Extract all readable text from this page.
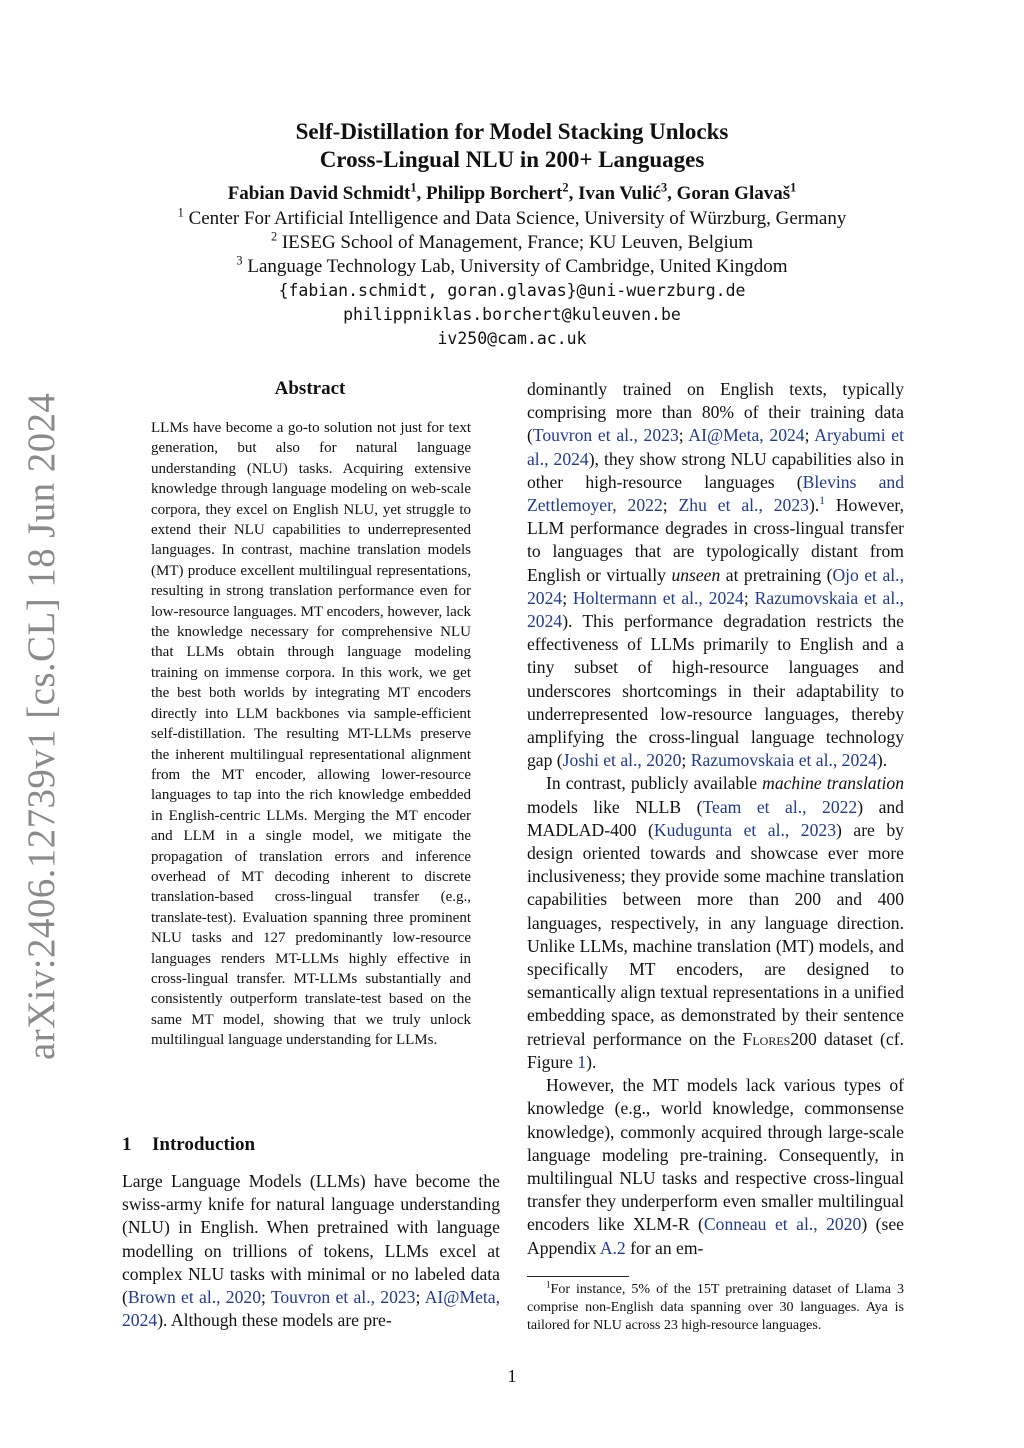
arXiv:2406.12739v1 [cs.CL] 18 Jun 2024
Self-Distillation for Model Stacking Unlocks
Cross-Lingual NLU in 200+ Languages
Fabian David Schmidt$^1$, Philipp Borchert$^2$, Ivan Vulić$^3$, Goran Glavaš$^1$
$^1$ Center For Artificial Intelligence and Data Science, University of Würzburg, Germany
$^2$ IESEG School of Management, France; KU Leuven, Belgium
$^3$ Language Technology Lab, University of Cambridge, United Kingdom
{fabian.schmidt, goran.glavas}@uni-wuerzburg.de
philippniklas.borchert@kuleuven.be
iv250@cam.ac.uk
Abstract
LLMs have become a go-to solution not just for text generation, but also for natural language understanding (NLU) tasks. Acquiring extensive knowledge through language modeling on web-scale corpora, they excel on English NLU, yet struggle to extend their NLU capabilities to underrepresented languages. In contrast, machine translation models (MT) produce excellent multilingual representations, resulting in strong translation performance even for low-resource languages. MT encoders, however, lack the knowledge necessary for comprehensive NLU that LLMs obtain through language modeling training on immense corpora. In this work, we get the best both worlds by integrating MT encoders directly into LLM backbones via sample-efficient self-distillation. The resulting MT-LLMs preserve the inherent multilingual representational alignment from the MT encoder, allowing lower-resource languages to tap into the rich knowledge embedded in English-centric LLMs. Merging the MT encoder and LLM in a single model, we mitigate the propagation of translation errors and inference overhead of MT decoding inherent to discrete translation-based cross-lingual transfer (e.g., translate-test). Evaluation spanning three prominent NLU tasks and 127 predominantly low-resource languages renders MT-LLMs highly effective in cross-lingual transfer. MT-LLMs substantially and consistently outperform translate-test based on the same MT model, showing that we truly unlock multilingual language understanding for LLMs.
1 Introduction
Large Language Models (LLMs) have become the swiss-army knife for natural language understanding (NLU) in English. When pretrained with language modelling on trillions of tokens, LLMs excel at complex NLU tasks with minimal or no labeled data (Brown et al., 2020; Touvron et al., 2023; AI@Meta, 2024). Although these models are pre-

dominantly trained on English texts, typically comprising more than 80% of their training data (Touvron et al., 2023; AI@Meta, 2024; Aryabumi et al., 2024), they show strong NLU capabilities also in other high-resource languages (Blevins and Zettlemoyer, 2022; Zhu et al., 2023).$^1$ However, LLM performance degrades in cross-lingual transfer to languages that are typologically distant from English or virtually unseen at pretraining (Ojo et al., 2024; Holtermann et al., 2024; Razumovskaia et al., 2024). This performance degradation restricts the effectiveness of LLMs primarily to English and a tiny subset of high-resource languages and underscores shortcomings in their adaptability to underrepresented low-resource languages, thereby amplifying the cross-lingual language technology gap (Joshi et al., 2020; Razumovskaia et al., 2024).

In contrast, publicly available machine translation models like NLLB (Team et al., 2022) and MADLAD-400 (Kudugunta et al., 2023) are by design oriented towards and showcase ever more inclusiveness; they provide some machine translation capabilities between more than 200 and 400 languages, respectively, in any language direction. Unlike LLMs, machine translation (MT) models, and specifically MT encoders, are designed to semantically align textual representations in a unified embedding space, as demonstrated by their sentence retrieval performance on the Flores200 dataset (cf. Figure 1).

However, the MT models lack various types of knowledge (e.g., world knowledge, commonsense knowledge), commonly acquired through large-scale language modeling pre-training. Consequently, in multilingual NLU tasks and respective cross-lingual transfer they underperform even smaller multilingual encoders like XLM-R (Conneau et al., 2020) (see Appendix A.2 for an em-

$^1$For instance, 5% of the 15T pretraining dataset of Llama 3 comprise non-English data spanning over 30 languages. Aya is tailored for NLU across 23 high-resource languages.
1
